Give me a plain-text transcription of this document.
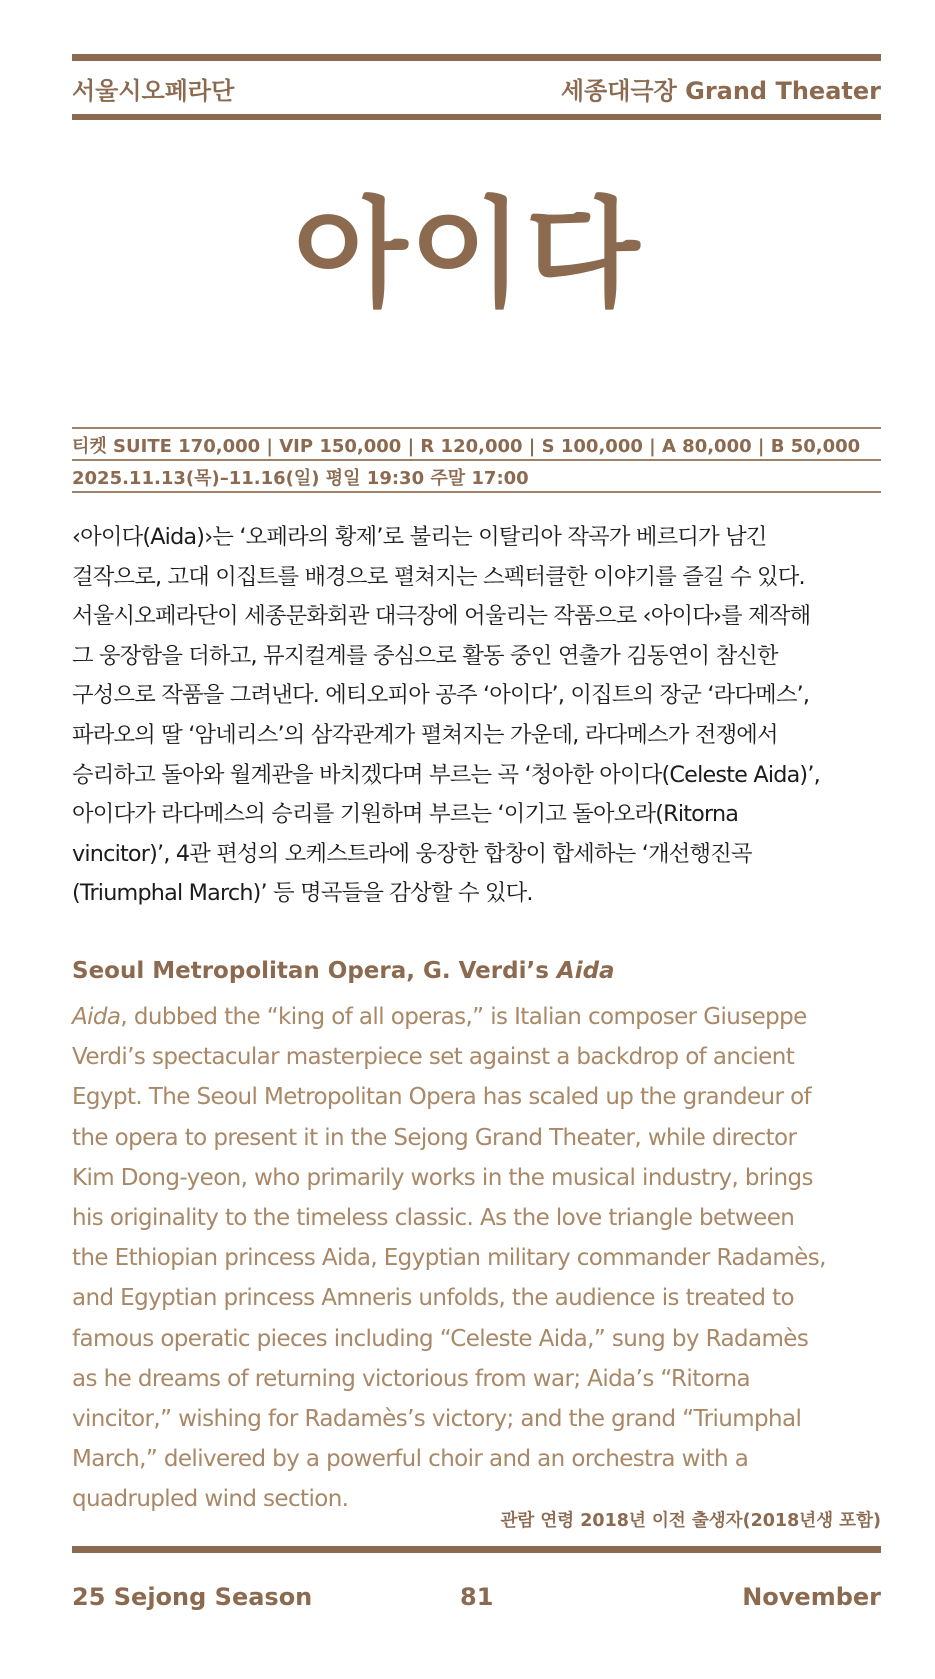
서울시오페라단	세종대극장 Grand Theater
아이다
티켓 SUITE 170,000 | VIP 150,000 | R 120,000 | S 100,000 | A 80,000 | B 50,000
2025.11.13(목)–11.16(일) 평일 19:30 주말 17:00
‹아이다(Aida)›는 ‘오페라의 황제’로 불리는 이탈리아 작곡가 베르디가 남긴
걸작으로, 고대 이집트를 배경으로 펼쳐지는 스펙터클한 이야기를 즐길 수 있다.
서울시오페라단이 세종문화회관 대극장에 어울리는 작품으로 ‹아이다›를 제작해
그 웅장함을 더하고, 뮤지컬계를 중심으로 활동 중인 연출가 김동연이 참신한
구성으로 작품을 그려낸다. 에티오피아 공주 ‘아이다’, 이집트의 장군 ‘라다메스’,
파라오의 딸 ‘암네리스’의 삼각관계가 펼쳐지는 가운데, 라다메스가 전쟁에서
승리하고 돌아와 월계관을 바치겠다며 부르는 곡 ‘청아한 아이다(Celeste Aida)’,
아이다가 라다메스의 승리를 기원하며 부르는 ‘이기고 돌아오라(Ritorna
vincitor)’, 4관 편성의 오케스트라에 웅장한 합창이 합세하는 ‘개선행진곡
(Triumphal March)’ 등 명곡들을 감상할 수 있다.
Seoul Metropolitan Opera, G. Verdi’s Aida
Aida, dubbed the “king of all operas,” is Italian composer Giuseppe
Verdi’s spectacular masterpiece set against a backdrop of ancient
Egypt. The Seoul Metropolitan Opera has scaled up the grandeur of
the opera to present it in the Sejong Grand Theater, while director
Kim Dong-yeon, who primarily works in the musical industry, brings
his originality to the timeless classic. As the love triangle between
the Ethiopian princess Aida, Egyptian military commander Radamès,
and Egyptian princess Amneris unfolds, the audience is treated to
famous operatic pieces including “Celeste Aida,” sung by Radamès
as he dreams of returning victorious from war; Aida’s “Ritorna
vincitor,” wishing for Radamès’s victory; and the grand “Triumphal
March,” delivered by a powerful choir and an orchestra with a
quadrupled wind section.
관람 연령 2018년 이전 출생자(2018년생 포함)
25 Sejong Season	81	November
